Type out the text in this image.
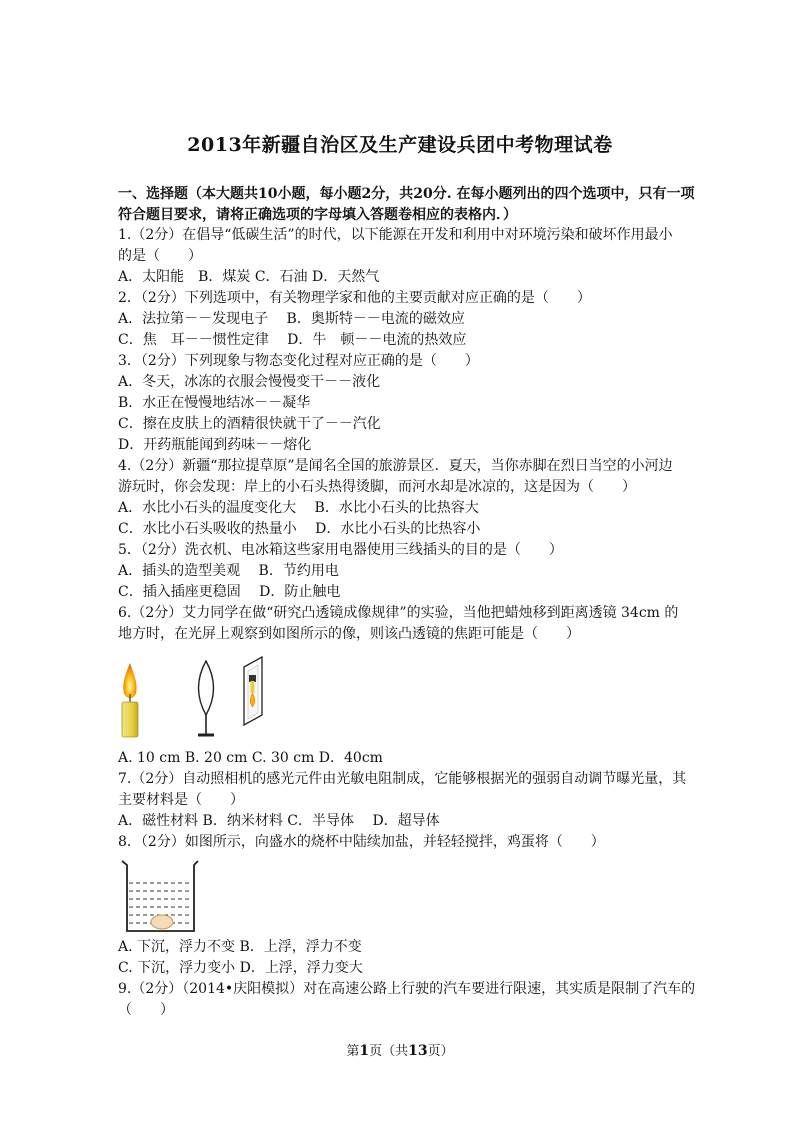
2013年新疆自治区及生产建设兵团中考物理试卷
一、选择题（本大题共10小题，每小题2分，共20分. 在每小题列出的四个选项中，只有一项
符合题目要求，请将正确选项的字母填入答题卷相应的表格内．）
1.（2分）在倡导“低碳生活”的时代，以下能源在开发和利用中对环境污染和破坏作用最小
的是（　　）
A．太阳能　B．煤炭 C．石油 D．天然气
2．（2分）下列选项中，有关物理学家和他的主要贡献对应正确的是（　　）
A．法拉第－－发现电子　 B．奥斯特－－电流的磁效应
C．焦　耳－－惯性定律　 D．牛　顿－－电流的热效应
3．（2分）下列现象与物态变化过程对应正确的是（　　）
A．冬天，冰冻的衣服会慢慢变干－－液化
B．水正在慢慢地结冰－－凝华
C．擦在皮肤上的酒精很快就干了－－汽化
D．开药瓶能闻到药味－－熔化
4.（2分）新疆“那拉提草原”是闻名全国的旅游景区．夏天，当你赤脚在烈日当空的小河边
游玩时，你会发现：岸上的小石头热得烫脚，而河水却是冰凉的，这是因为（　　）
A．水比小石头的温度变化大　 B．水比小石头的比热容大
C．水比小石头吸收的热量小　 D．水比小石头的比热容小
5．（2分）洗衣机、电冰箱这些家用电器使用三线插头的目的是（　　）
A．插头的造型美观　 B．节约用电
C．插入插座更稳固　 D．防止触电
6.（2分）艾力同学在做“研究凸透镜成像规律”的实验，当他把蜡烛移到距离透镜 34cm 的
地方时，在光屏上观察到如图所示的像，则该凸透镜的焦距可能是（　　）
A. 10 cm B. 20 cm C. 30 cm D．40cm
7.（2分）自动照相机的感光元件由光敏电阻制成，它能够根据光的强弱自动调节曝光量，其
主要材料是（　　）
A．磁性材料 B．纳米材料 C．半导体　 D．超导体
8．（2分）如图所示，向盛水的烧杯中陆续加盐，并轻轻搅拌，鸡蛋将（　　）
A. 下沉，浮力不变 B．上浮，浮力不变
C. 下沉，浮力变小 D．上浮，浮力变大
9.（2分）（2014•庆阳模拟）对在高速公路上行驶的汽车要进行限速，其实质是限制了汽车的
（　　）
第1页（共13页）
